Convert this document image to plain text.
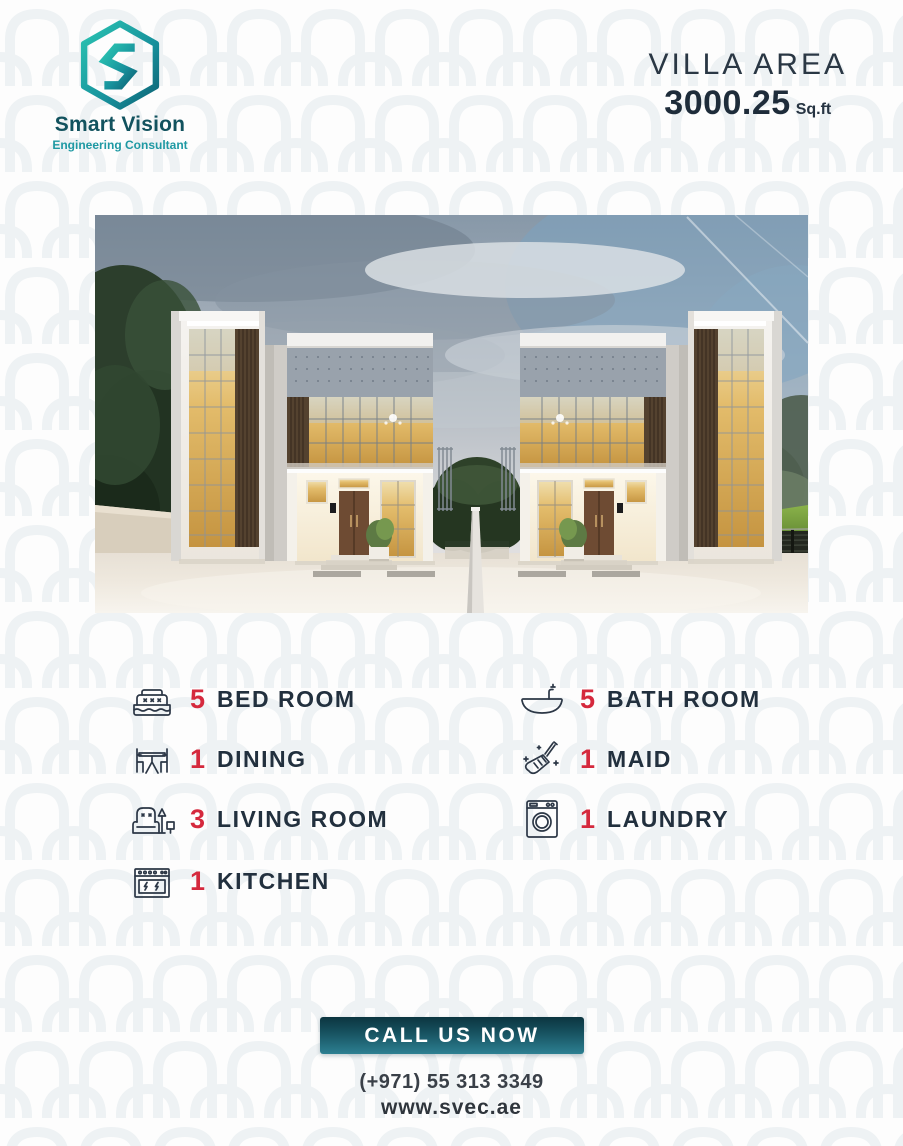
Smart Vision
Engineering Consultant
VILLA AREA
3000.25 Sq.ft
5 BED ROOM
1 DINING
3 LIVING ROOM
1 KITCHEN
5 BATH ROOM
1 MAID
1 LAUNDRY
CALL US NOW
(+971) 55 313 3349
www.svec.ae
